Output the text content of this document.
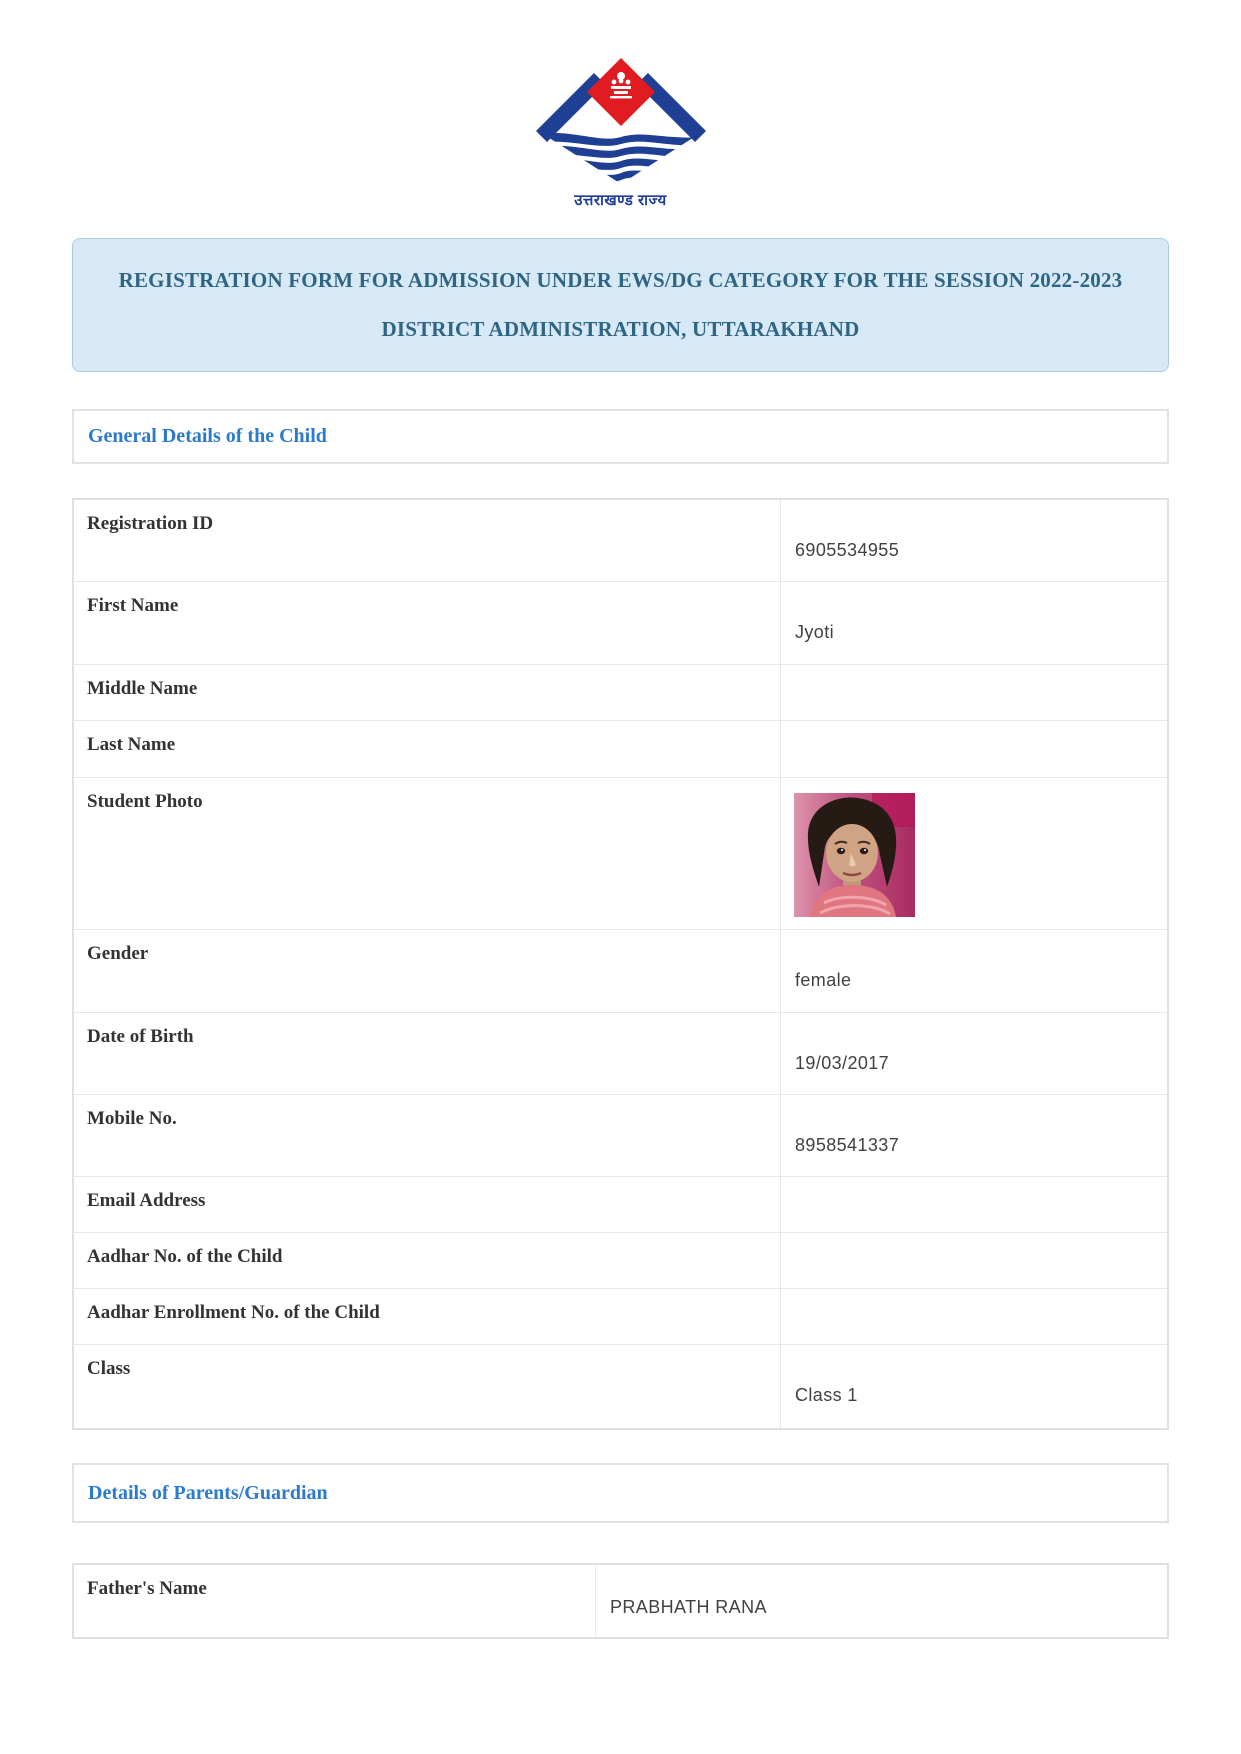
उत्तराखण्ड राज्य
REGISTRATION FORM FOR ADMISSION UNDER EWS/DG CATEGORY FOR THE SESSION 2022-2023
DISTRICT ADMINISTRATION, UTTARAKHAND
General Details of the Child
Registration ID
6905534955
First Name
Jyoti
Middle Name
Last Name
Student Photo
Gender
female
Date of Birth
19/03/2017
Mobile No.
8958541337
Email Address
Aadhar No. of the Child
Aadhar Enrollment No. of the Child
Class
Class 1
Details of Parents/Guardian
Father's Name
PRABHATH RANA
